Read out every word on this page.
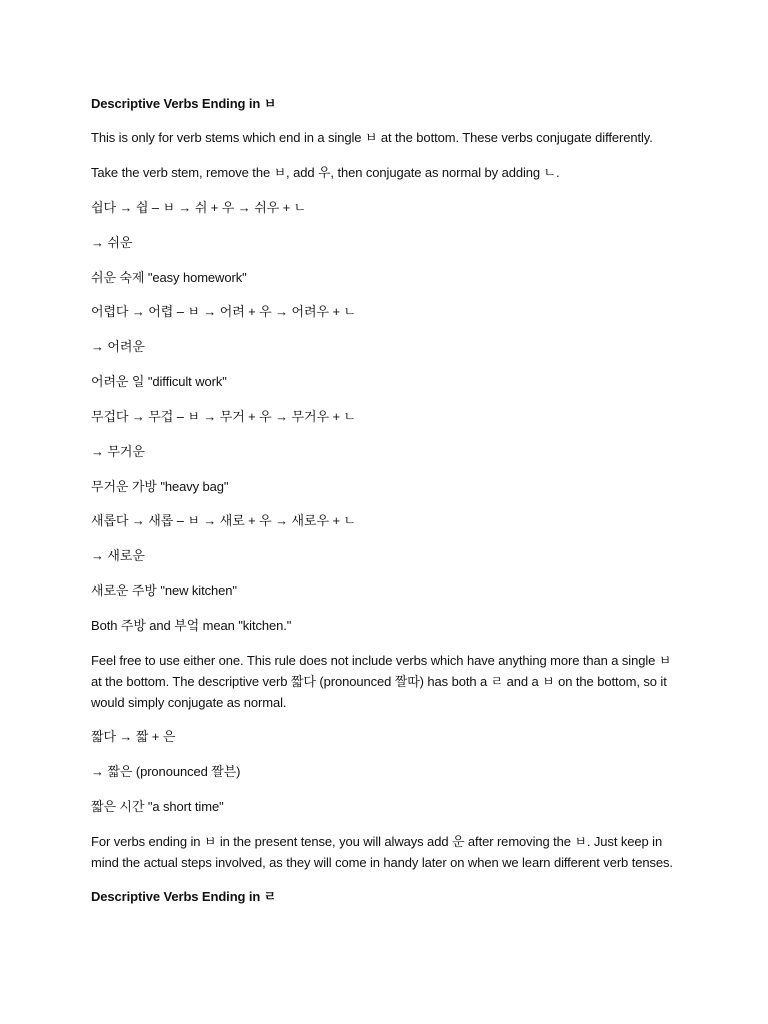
Descriptive Verbs Ending in ㅂ
This is only for verb stems which end in a single ㅂ at the bottom. These verbs conjugate differently.
Take the verb stem, remove the ㅂ, add 우, then conjugate as normal by adding ㄴ.
쉽다 → 쉽 – ㅂ → 쉬 + 우 → 쉬우 + ㄴ
→ 쉬운
쉬운 숙제 "easy homework"
어렵다 → 어렵 – ㅂ → 어려 + 우 → 어려우 + ㄴ
→ 어려운
어려운 일 "difficult work"
무겁다 → 무겁 – ㅂ → 무거 + 우 → 무거우 + ㄴ
→ 무거운
무거운 가방 "heavy bag"
새롭다 → 새롭 – ㅂ → 새로 + 우 → 새로우 + ㄴ
→ 새로운
새로운 주방 "new kitchen"
Both 주방 and 부엌 mean "kitchen."
Feel free to use either one. This rule does not include verbs which have anything more than a single ㅂ
at the bottom. The descriptive verb 짧다 (pronounced 짤따) has both a ㄹ and a ㅂ on the bottom, so it
would simply conjugate as normal.
짧다 → 짧 + 은
→ 짧은 (pronounced 짤븐)
짧은 시간 "a short time"
For verbs ending in ㅂ in the present tense, you will always add 운 after removing the ㅂ. Just keep in
mind the actual steps involved, as they will come in handy later on when we learn different verb tenses.
Descriptive Verbs Ending in ㄹ
